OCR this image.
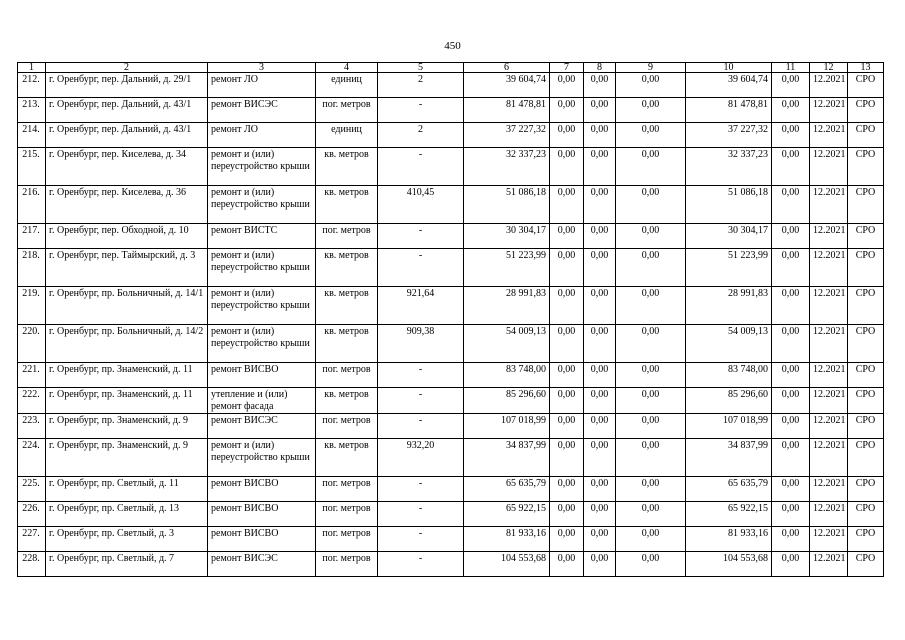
450
1	2	3	4	5	6	7	8	9	10	11	12	13
212.	г. Оренбург, пер. Дальний, д. 29/1	ремонт ЛО	единиц	2	39 604,74	0,00	0,00	0,00	39 604,74	0,00	12.2021	СРО
213.	г. Оренбург, пер. Дальний, д. 43/1	ремонт ВИСЭС	пог. метров	-	81 478,81	0,00	0,00	0,00	81 478,81	0,00	12.2021	СРО
214.	г. Оренбург, пер. Дальний, д. 43/1	ремонт ЛО	единиц	2	37 227,32	0,00	0,00	0,00	37 227,32	0,00	12.2021	СРО
215.	г. Оренбург, пер. Киселева, д. 34	ремонт и (или) переустройство крыши	кв. метров	-	32 337,23	0,00	0,00	0,00	32 337,23	0,00	12.2021	СРО
216.	г. Оренбург, пер. Киселева, д. 36	ремонт и (или) переустройство крыши	кв. метров	410,45	51 086,18	0,00	0,00	0,00	51 086,18	0,00	12.2021	СРО
217.	г. Оренбург, пер. Обходной, д. 10	ремонт ВИСТС	пог. метров	-	30 304,17	0,00	0,00	0,00	30 304,17	0,00	12.2021	СРО
218.	г. Оренбург, пер. Таймырский, д. 3	ремонт и (или) переустройство крыши	кв. метров	-	51 223,99	0,00	0,00	0,00	51 223,99	0,00	12.2021	СРО
219.	г. Оренбург, пр. Больничный, д. 14/1	ремонт и (или) переустройство крыши	кв. метров	921,64	28 991,83	0,00	0,00	0,00	28 991,83	0,00	12.2021	СРО
220.	г. Оренбург, пр. Больничный, д. 14/2	ремонт и (или) переустройство крыши	кв. метров	909,38	54 009,13	0,00	0,00	0,00	54 009,13	0,00	12.2021	СРО
221.	г. Оренбург, пр. Знаменский, д. 11	ремонт ВИСВО	пог. метров	-	83 748,00	0,00	0,00	0,00	83 748,00	0,00	12.2021	СРО
222.	г. Оренбург, пр. Знаменский, д. 11	утепление и (или) ремонт фасада	кв. метров	-	85 296,60	0,00	0,00	0,00	85 296,60	0,00	12.2021	СРО
223.	г. Оренбург, пр. Знаменский, д. 9	ремонт ВИСЭС	пог. метров	-	107 018,99	0,00	0,00	0,00	107 018,99	0,00	12.2021	СРО
224.	г. Оренбург, пр. Знаменский, д. 9	ремонт и (или) переустройство крыши	кв. метров	932,20	34 837,99	0,00	0,00	0,00	34 837,99	0,00	12.2021	СРО
225.	г. Оренбург, пр. Светлый, д. 11	ремонт ВИСВО	пог. метров	-	65 635,79	0,00	0,00	0,00	65 635,79	0,00	12.2021	СРО
226.	г. Оренбург, пр. Светлый, д. 13	ремонт ВИСВО	пог. метров	-	65 922,15	0,00	0,00	0,00	65 922,15	0,00	12.2021	СРО
227.	г. Оренбург, пр. Светлый, д. 3	ремонт ВИСВО	пог. метров	-	81 933,16	0,00	0,00	0,00	81 933,16	0,00	12.2021	СРО
228.	г. Оренбург, пр. Светлый, д. 7	ремонт ВИСЭС	пог. метров	-	104 553,68	0,00	0,00	0,00	104 553,68	0,00	12.2021	СРО
